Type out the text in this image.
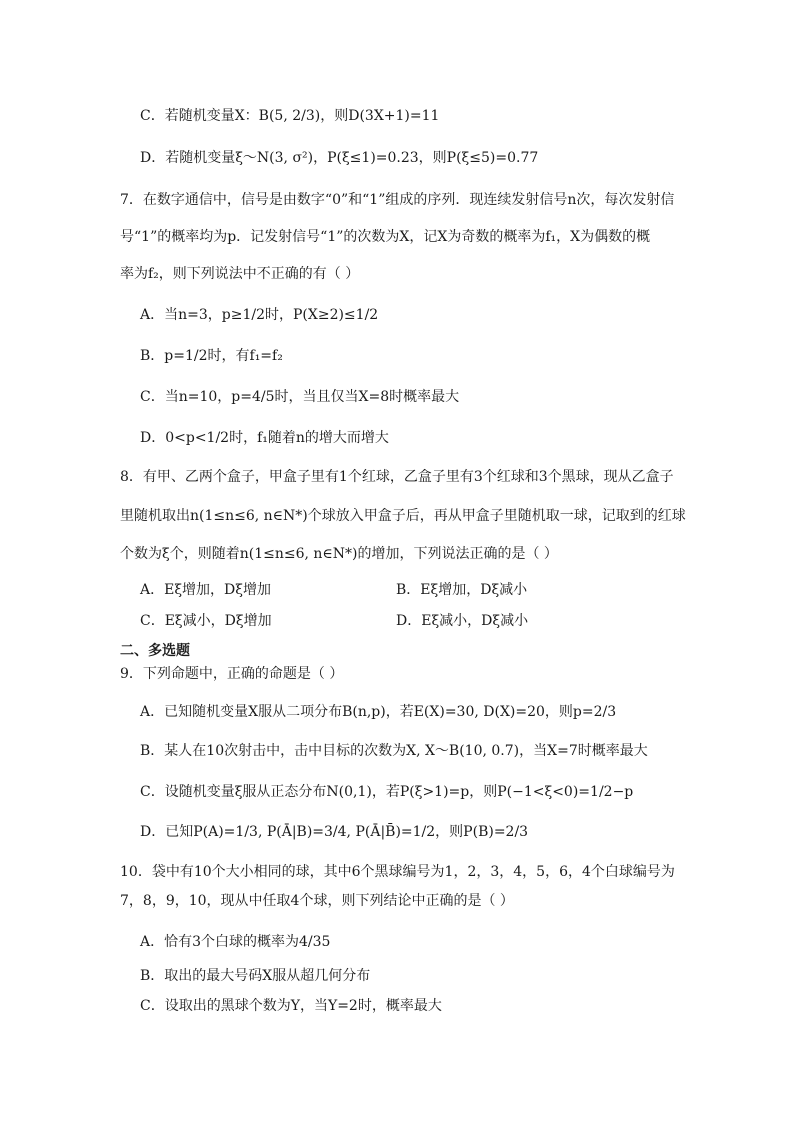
C．若随机变量X：B(5, 2/3)，则D(3X+1)=11
D．若随机变量ξ～N(3, σ²)，P(ξ≤1)=0.23，则P(ξ≤5)=0.77
7．在数字通信中，信号是由数字“0”和“1”组成的序列．现连续发射信号n次，每次发射信
号“1”的概率均为p．记发射信号“1”的次数为X，记X为奇数的概率为f₁，X为偶数的概
率为f₂，则下列说法中不正确的有（ ）
A．当n=3，p≥1/2时，P(X≥2)≤1/2
B．p=1/2时，有f₁=f₂
C．当n=10，p=4/5时，当且仅当X=8时概率最大
D．0<p<1/2时，f₁随着n的增大而增大
8．有甲、乙两个盒子，甲盒子里有1个红球，乙盒子里有3个红球和3个黑球，现从乙盒子
里随机取出n(1≤n≤6, n∈N*)个球放入甲盒子后，再从甲盒子里随机取一球，记取到的红球
个数为ξ个，则随着n(1≤n≤6, n∈N*)的增加，下列说法正确的是（ ）
A．Eξ增加，Dξ增加	B．Eξ增加，Dξ减小
C．Eξ减小，Dξ增加	D．Eξ减小，Dξ减小
二、多选题
9．下列命题中，正确的命题是（ ）
A．已知随机变量X服从二项分布B(n,p)，若E(X)=30, D(X)=20，则p=2/3
B．某人在10次射击中，击中目标的次数为X, X～B(10, 0.7)，当X=7时概率最大
C．设随机变量ξ服从正态分布N(0,1)，若P(ξ>1)=p，则P(−1<ξ<0)=1/2−p
D．已知P(A)=1/3, P(Ā|B)=3/4, P(Ā|B̄)=1/2，则P(B)=2/3
10．袋中有10个大小相同的球，其中6个黑球编号为1，2，3，4，5，6，4个白球编号为
7，8，9，10，现从中任取4个球，则下列结论中正确的是（ ）
A．恰有3个白球的概率为4/35
B．取出的最大号码X服从超几何分布
C．设取出的黑球个数为Y，当Y=2时，概率最大
